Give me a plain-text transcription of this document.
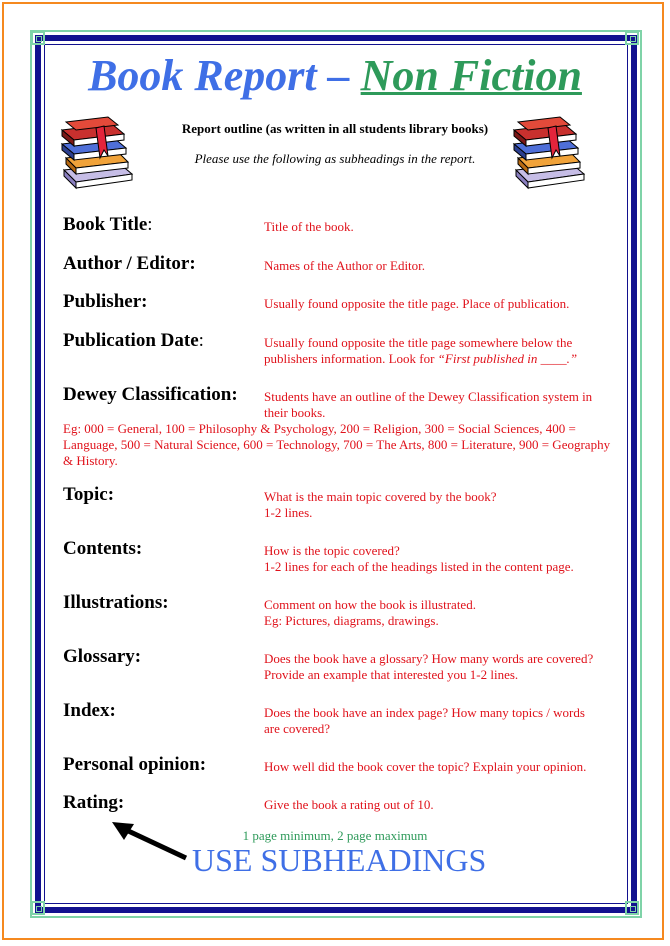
Book Report – Non Fiction
Report outline (as written in all students library books)
Please use the following as subheadings in the report.
Book Title:	Title of the book.
Author / Editor:	Names of the Author or Editor.
Publisher:	Usually found opposite the title page. Place of publication.
Publication Date:	Usually found opposite the title page somewhere below the
publishers information. Look for “First published in ____.”
Dewey Classification: Students have an outline of the Dewey Classification system in
their books.
Eg: 000 = General, 100 = Philosophy & Psychology, 200 = Religion, 300 = Social Sciences, 400 = Language, 500 = Natural Science, 600 = Technology, 700 = The Arts, 800 = Literature, 900 = Geography & History.
Topic:	What is the main topic covered by the book?
1-2 lines.
Contents:	How is the topic covered?
1-2 lines for each of the headings listed in the content page.
Illustrations:	Comment on how the book is illustrated.
Eg: Pictures, diagrams, drawings.
Glossary:	Does the book have a glossary? How many words are covered?
Provide an example that interested you 1-2 lines.
Index:	Does the book have an index page? How many topics / words
are covered?
Personal opinion:	How well did the book cover the topic? Explain your opinion.
Rating:	Give the book a rating out of 10.
1 page minimum, 2 page maximum
USE SUBHEADINGS
